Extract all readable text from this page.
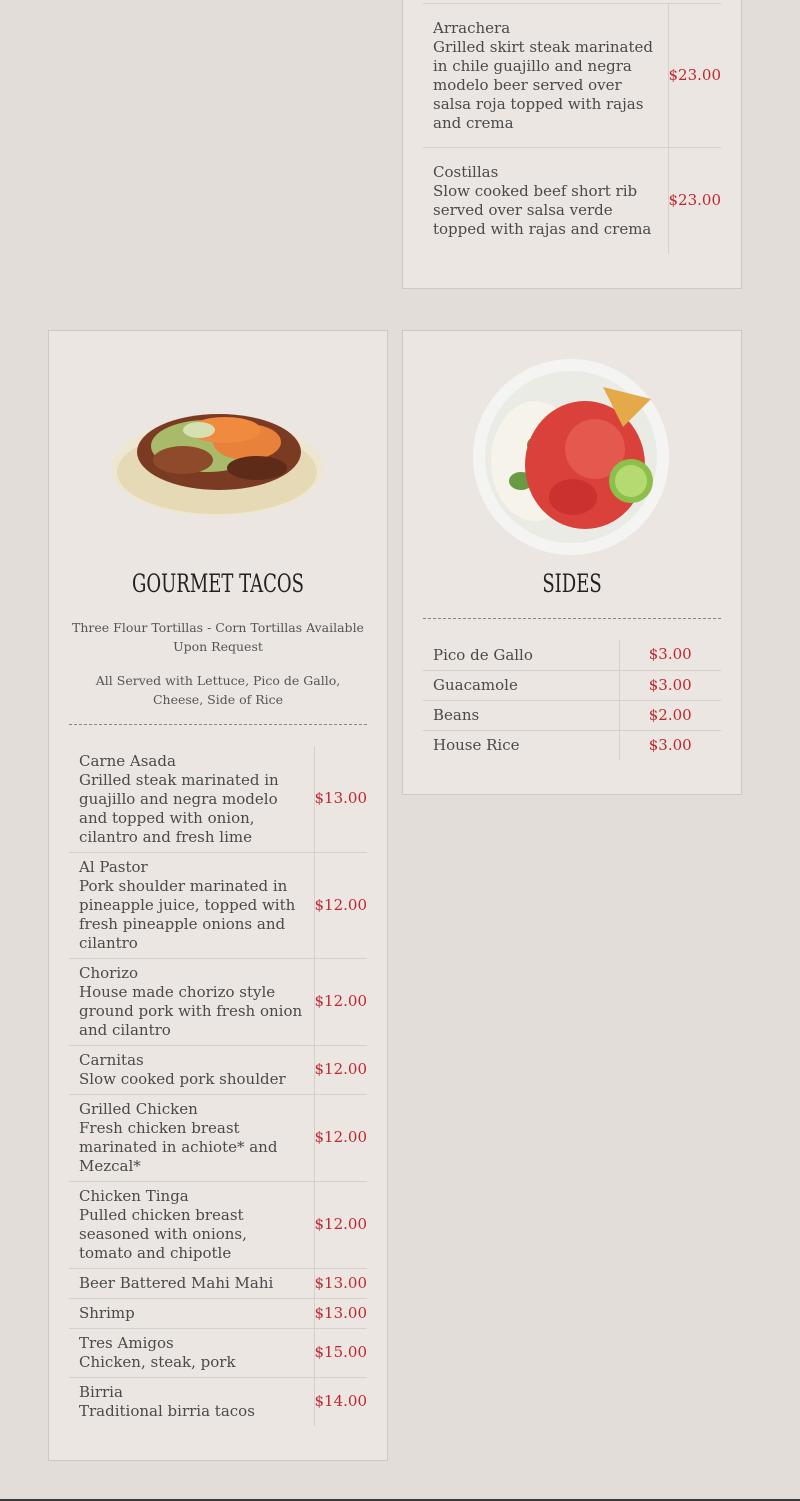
Arrachera
Grilled skirt steak marinated in chile guajillo and negra modelo beer served over salsa roja topped with rajas and crema	$23.00

Costillas
Slow cooked beef short rib served over salsa verde topped with rajas and crema	$23.00
GOURMET TACOS
Three Flour Tortillas - Corn Tortillas Available Upon Request
All Served with Lettuce, Pico de Gallo, Cheese, Side of Rice
Carne Asada
Grilled steak marinated in guajillo and negra modelo and topped with onion, cilantro and fresh lime	$13.00

Al Pastor
Pork shoulder marinated in pineapple juice, topped with fresh pineapple onions and cilantro	$12.00

Chorizo
House made chorizo style ground pork with fresh onion and cilantro	$12.00

Carnitas
Slow cooked pork shoulder	$12.00

Grilled Chicken
Fresh chicken breast marinated in achiote* and Mezcal*	$12.00

Chicken Tinga
Pulled chicken breast seasoned with onions, tomato and chipotle	$12.00

Beer Battered Mahi Mahi	$13.00

Shrimp	$13.00

Tres Amigos
Chicken, steak, pork	$15.00

Birria
Traditional birria tacos	$14.00
SIDES
Pico de Gallo	$3.00
Guacamole	$3.00
Beans	$2.00
House Rice	$3.00
